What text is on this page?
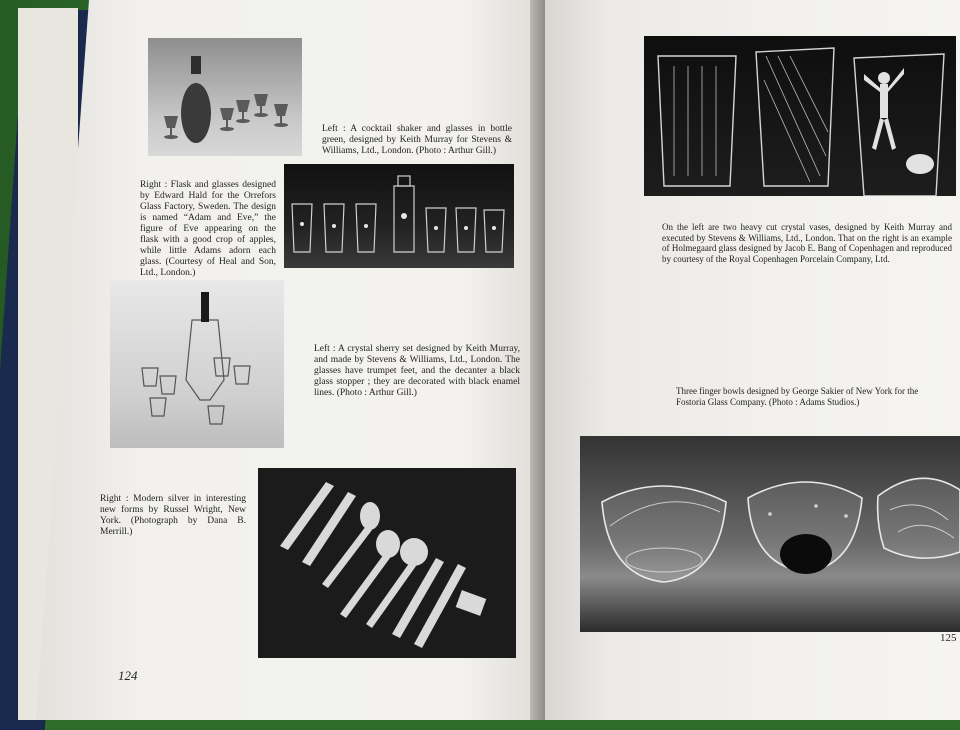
Left : A cocktail shaker and glasses in bottle green, designed by Keith Murray for Stevens & Williams, Ltd., London. (Photo : Arthur Gill.)
Right : Flask and glasses designed by Edward Hald for the Orrefors Glass Factory, Sweden. The design is named “Adam and Eve,” the figure of Eve appearing on the flask with a good crop of apples, while little Adams adorn each glass. (Courtesy of Heal and Son, Ltd., London.)
Left : A crystal sherry set designed by Keith Murray, and made by Stevens & Williams, Ltd., London. The glasses have trumpet feet, and the decanter a black glass stopper ; they are decorated with black enamel lines. (Photo : Arthur Gill.)
Right : Modern silver in interesting new forms by Russel Wright, New York. (Photograph by Dana B. Merrill.)
124
On the left are two heavy cut crystal vases, designed by Keith Murray and executed by Stevens & Williams, Ltd., London. That on the right is an example of Holmegaard glass designed by Jacob E. Bang of Copenhagen and reproduced by courtesy of the Royal Copenhagen Porcelain Company, Ltd.
Three finger bowls designed by George Sakier of New York for the Fostoria Glass Company. (Photo : Adams Studios.)
125
